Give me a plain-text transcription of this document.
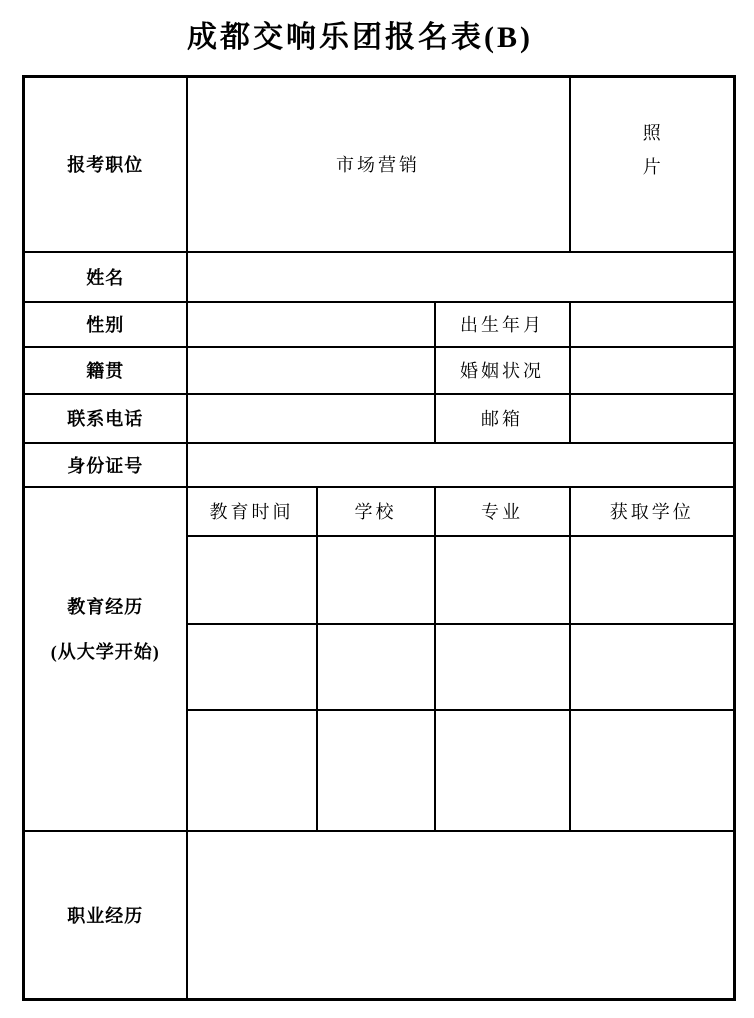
成都交响乐团报名表(B)
报考职位	市场营销			照
片

姓名				
性别			出生年月	
籍贯			婚姻状况	
联系电话			邮箱	
身份证号				

教育经历
(从大学开始)	教育时间	学校	专业	获取学位

职业经历				
